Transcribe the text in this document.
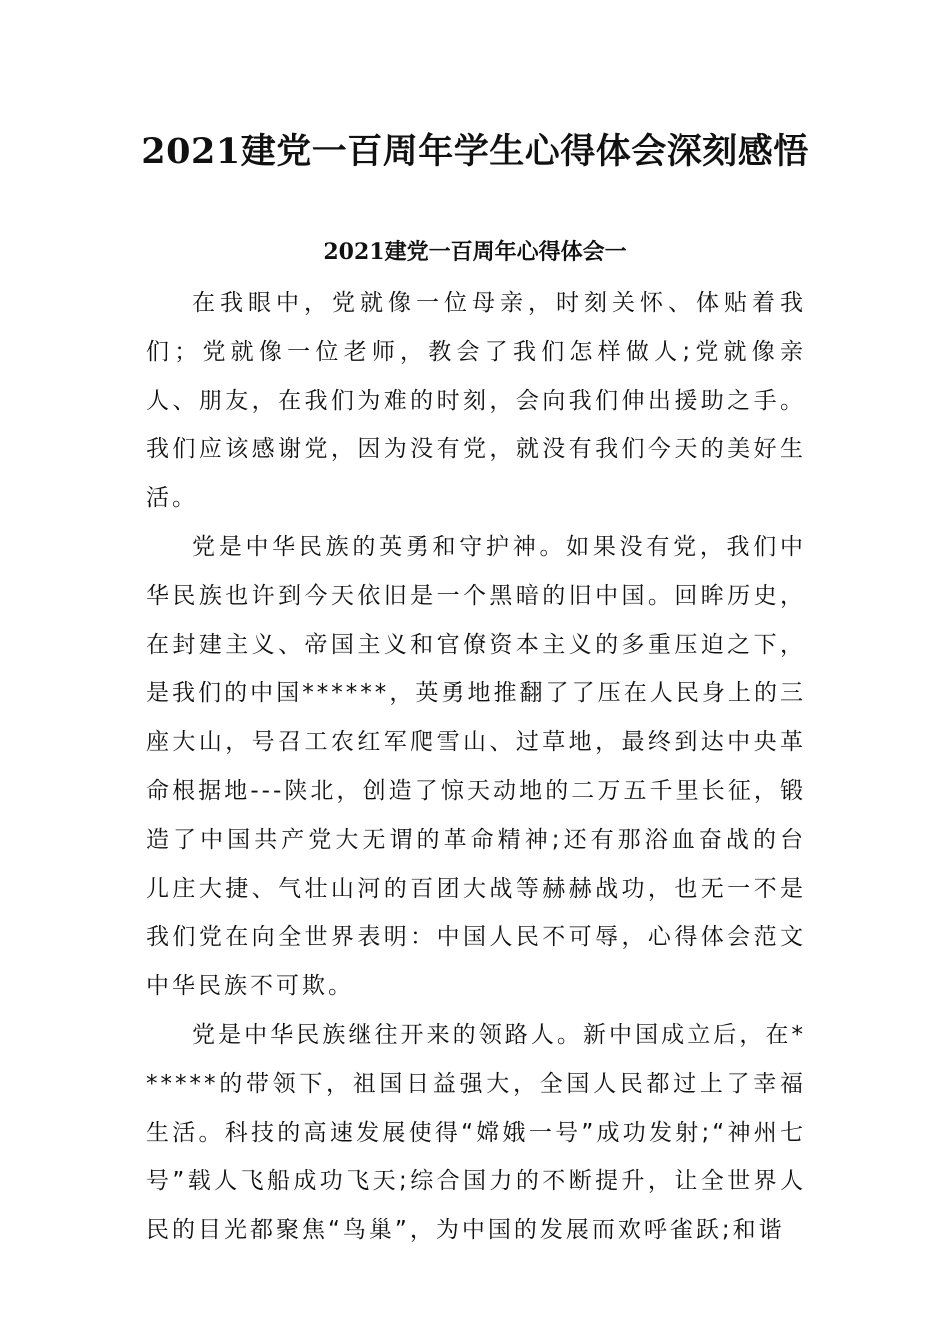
2021建党一百周年学生心得体会深刻感悟
2021建党一百周年心得体会一

在我眼中，党就像一位母亲，时刻关怀、体贴着我们；党就像一位老师，教会了我们怎样做人;党就像亲人、朋友，在我们为难的时刻，会向我们伸出援助之手。我们应该感谢党，因为没有党，就没有我们今天的美好生活。

党是中华民族的英勇和守护神。如果没有党，我们中华民族也许到今天依旧是一个黑暗的旧中国。回眸历史，在封建主义、帝国主义和官僚资本主义的多重压迫之下，是我们的中国******，英勇地推翻了了压在人民身上的三座大山，号召工农红军爬雪山、过草地，最终到达中央革命根据地---陕北，创造了惊天动地的二万五千里长征，锻造了中国共产党大无谓的革命精神;还有那浴血奋战的台儿庄大捷、气壮山河的百团大战等赫赫战功，也无一不是我们党在向全世界表明：中国人民不可辱，心得体会范文中华民族不可欺。

党是中华民族继往开来的领路人。新中国成立后，在******的带领下，祖国日益强大，全国人民都过上了幸福生活。科技的高速发展使得“嫦娥一号”成功发射;“神州七号”载人飞船成功飞天;综合国力的不断提升，让全世界人民的目光都聚焦“鸟巢”，为中国的发展而欢呼雀跃;和谐
